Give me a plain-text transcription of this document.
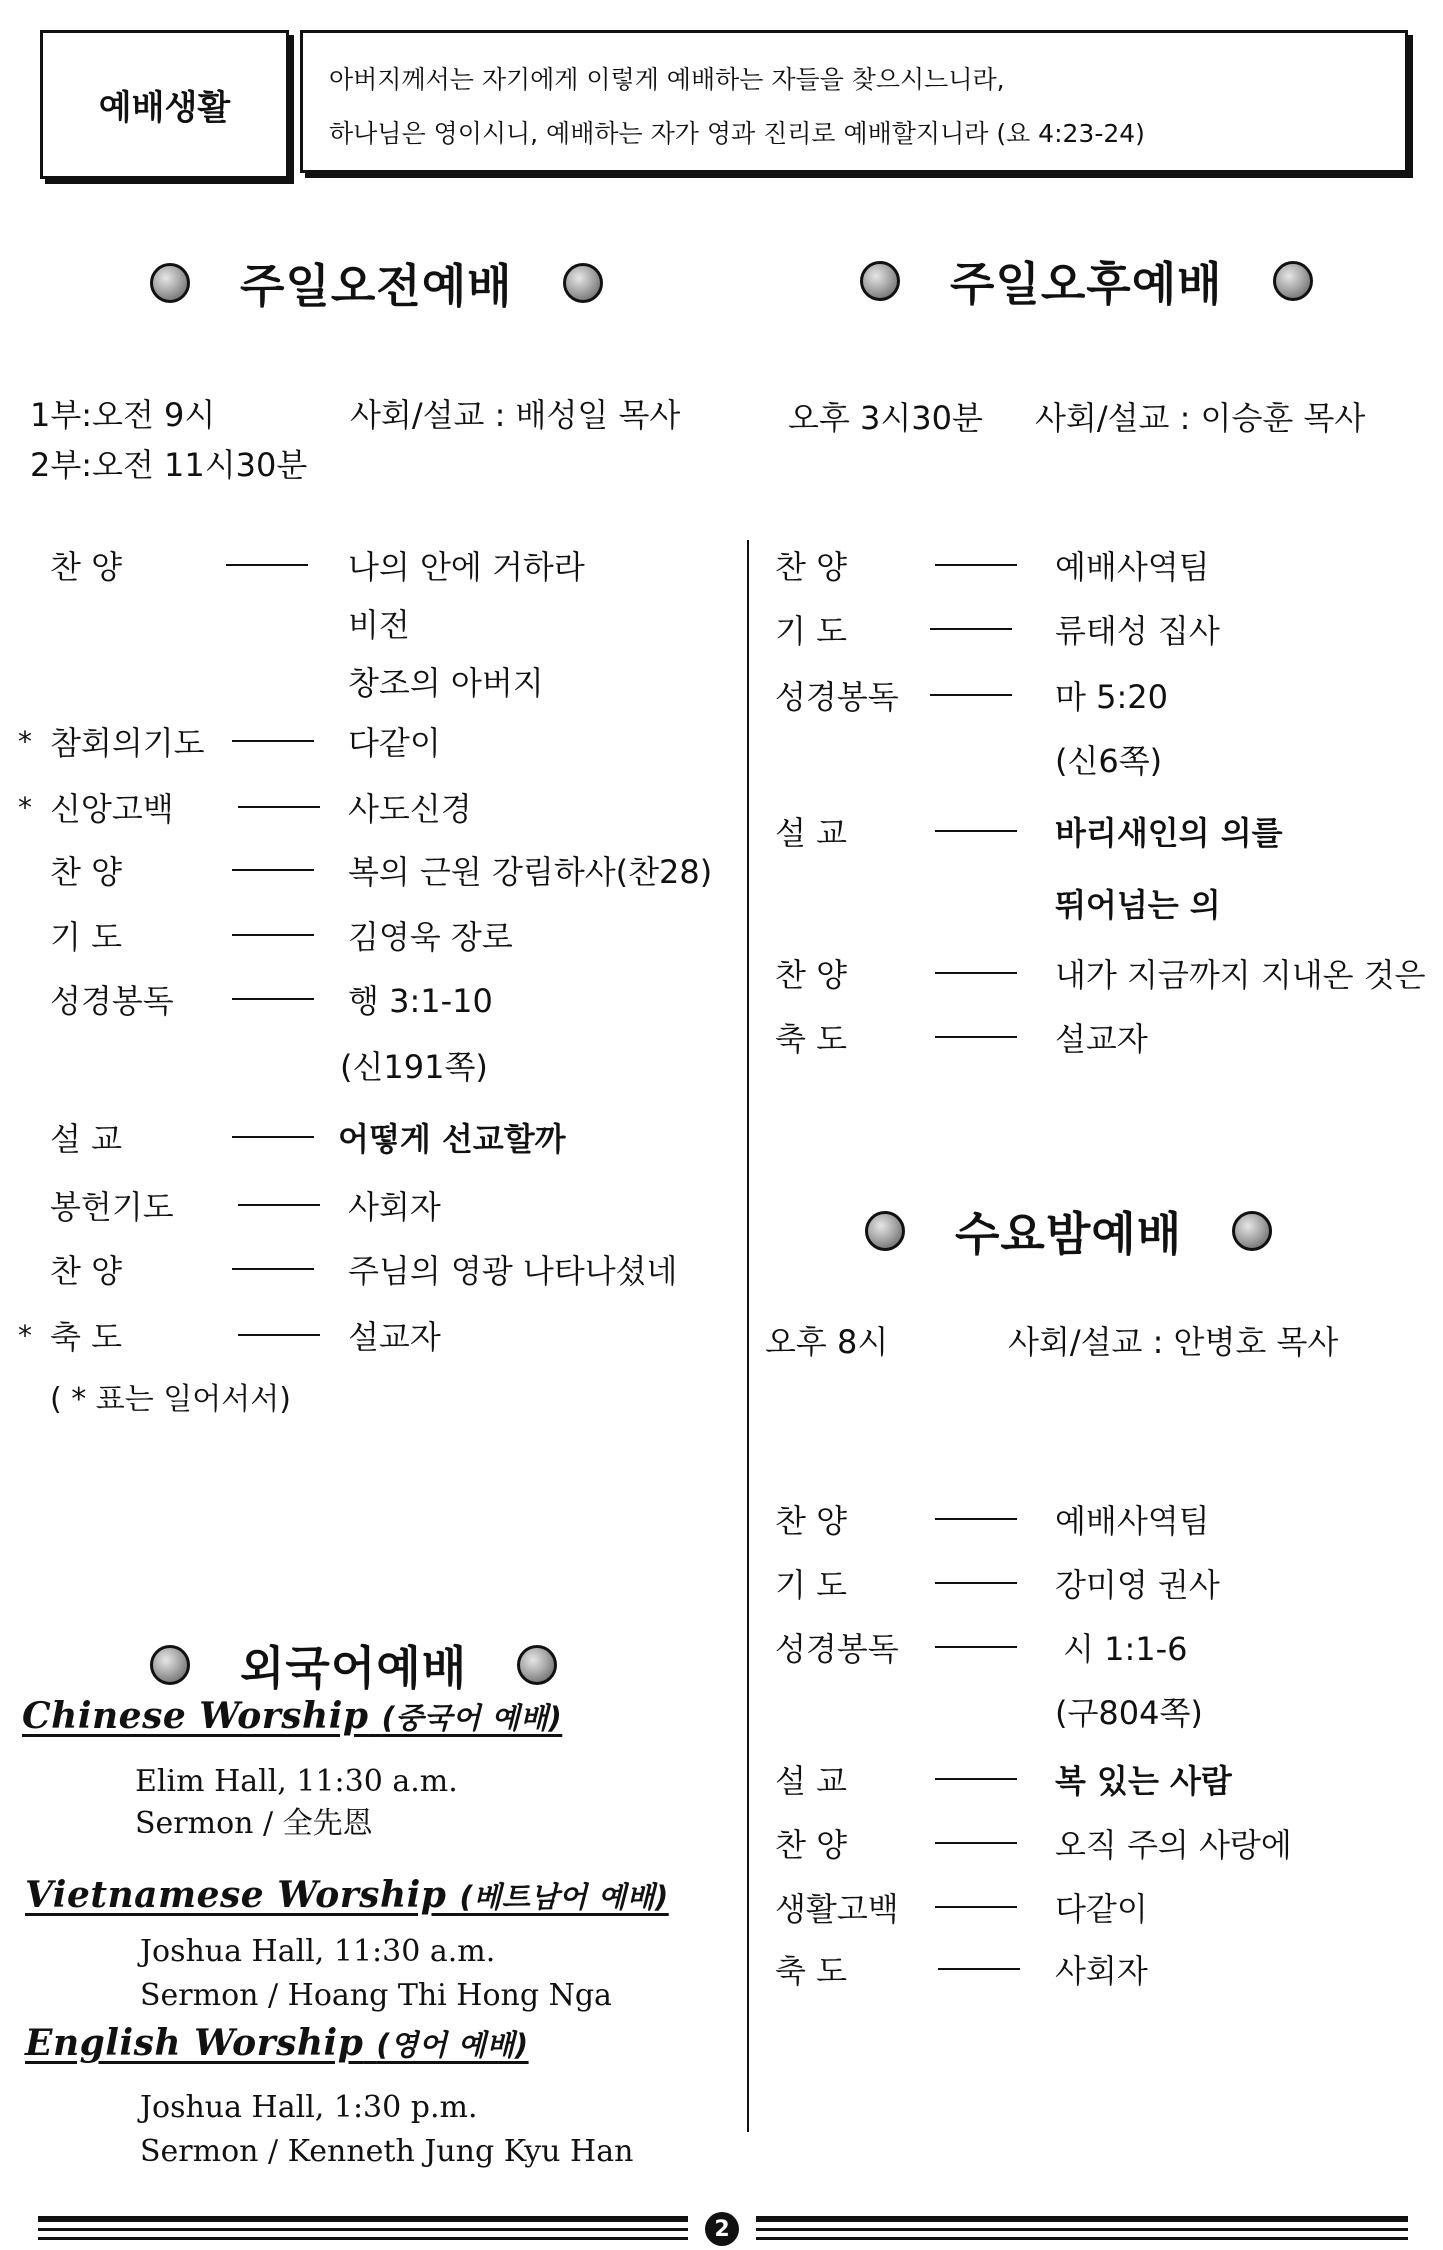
예배생활
아버지께서는 자기에게 이렇게 예배하는 자들을 찾으시느니라,
하나님은 영이시니, 예배하는 자가 영과 진리로 예배할지니라 (요 4:23-24)
주일오전예배	주일오후예배
1부:오전 9시	사회/설교 : 배성일 목사
2부:오전 11시30분
오후 3시30분 사회/설교 : 이승훈 목사
찬 양	나의 안에 거하라
비전
창조의 아버지
* 참회의기도	다같이
* 신앙고백	사도신경
찬 양	복의 근원 강림하사(찬28)
기 도	김영욱 장로
성경봉독	행 3:1-10
(신191쪽)
설 교	어떻게 선교할까
봉헌기도	사회자
찬 양	주님의 영광 나타나셨네
* 축 도	설교자
( * 표는 일어서서)
찬 양	예배사역팀
기 도	류태성 집사
성경봉독	마 5:20
(신6쪽)
설 교	바리새인의 의를
뛰어넘는 의
찬 양	내가 지금까지 지내온 것은
축 도	설교자
수요밤예배
오후 8시	사회/설교 : 안병호 목사
찬 양	예배사역팀
기 도	강미영 권사
성경봉독	시 1:1-6
(구804쪽)
설 교	복 있는 사람
찬 양	오직 주의 사랑에
생활고백	다같이
축 도	사회자
외국어예배
Chinese Worship (중국어 예배)
Elim Hall, 11:30 a.m.
Sermon / 全先恩
Vietnamese Worship (베트남어 예배)
Joshua Hall, 11:30 a.m.
Sermon / Hoang Thi Hong Nga
English Worship (영어 예배)
Joshua Hall, 1:30 p.m.
Sermon / Kenneth Jung Kyu Han
2
